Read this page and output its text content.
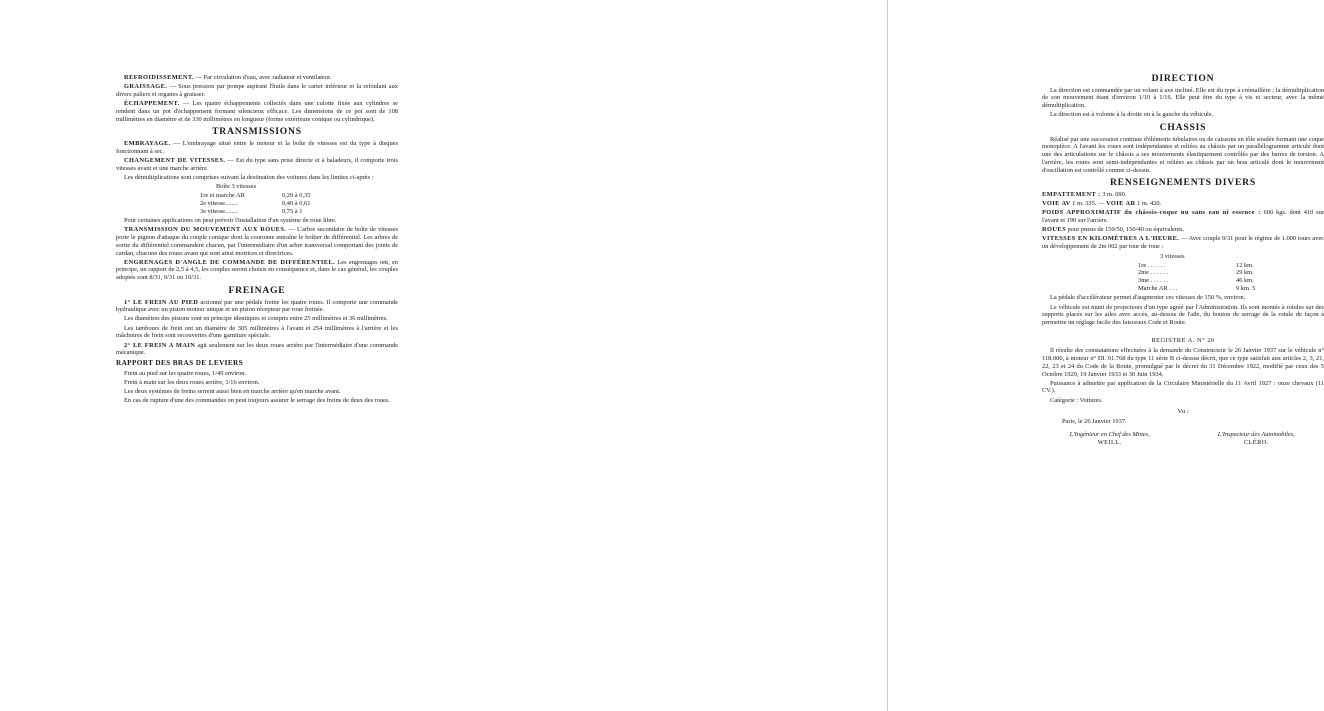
REFROIDISSEMENT. — Par circulation d'eau, avec radiateur et ventilateur.

GRAISSAGE. — Sous pression par pompe aspirant l'huile dans le carter inférieur et la refoulant aux divers paliers et organes à graisser.

ÉCHAPPEMENT. — Les quatre échappements collectés dans une culotte fixée aux cylindres se rendent dans un pot d'échappement formant silencieux efficace. Les dimensions de ce pot sont de 108 millimètres en diamètre et de 330 millimètres en longueur (forme extérieure conique ou cylindrique).

TRANSMISSIONS

EMBRAYAGE. — L'embrayage situé entre le moteur et la boîte de vitesses est du type à disques fonctionnant à sec.

CHANGEMENT DE VITESSES. — Est du type sans prise directe et à baladeurs, il comporte trois vitesses avant et une marche arrière.

Les démultiplications sont comprises suivant la destination des voitures dans les limites ci-après :

Boîte 3 vitesses

1re et marche AR	0,20 à 0,35
2e vitesse........	0,40 à 0,61
3e vitesse........	0,75 à 1

Pour certaines applications on peut prévoir l'installation d'un système de roue libre.

TRANSMISSION DU MOUVEMENT AUX ROUES. — L'arbre secondaire de boîte de vitesses porte le pignon d'attaque du couple conique dont la couronne entraîne le boîtier de différentiel. Les arbres de sortie du différentiel commandent chacun, par l'intermédiaire d'un arbre transversal comportant des joints de cardan, chacune des roues avant qui sont ainsi motrices et directrices.

ENGRENAGES D'ANGLE DE COMMANDE DE DIFFÉRENTIEL. Les engrenages ont, en principe, un rapport de 2,5 à 4,5, les couples seront choisis en conséquence et, dans le cas général, les couples adoptés sont 8/31, 9/31 ou 10/31.

FREINAGE

1° LE FREIN AU PIED actionné par une pédale freine les quatre roues. Il comporte une commande hydraulique avec un piston moteur unique et un piston récepteur par roue freinée.

Les diamètres des pistons sont en principe identiques et compris entre 25 millimètres et 36 millimètres.

Les tambours de frein ont un diamètre de 305 millimètres à l'avant et 254 millimètres à l'arrière et les mâchoires de frein sont recouvertes d'une garniture spéciale.

2° LE FREIN A MAIN agit seulement sur les deux roues arrière par l'intermédiaire d'une commande mécanique.

RAPPORT DES BRAS DE LEVIERS

Frein au pied sur les quatre roues, 1/49 environ.

Frein à main sur les deux roues arrière, 1/16 environ.

Les deux systèmes de freins serrent aussi bien en marche arrière qu'en marche avant.

En cas de rupture d'une des commandes on peut toujours assurer le serrage des freins de deux des roues.

DIRECTION

La direction est commandée par un volant à axe incliné. Elle est du type à crémaillère ; la démultiplication de son mouvement étant d'environ 1/10 à 1/16. Elle peut être du type à vis et secteur, avec la même démultiplication.

La direction est à volonte à la droite ou à la gauche du véhicule.

CHASSIS

Réalisé par une succession continue d'éléments tubulaires ou de caissons en tôle soudée formant une coque monopièce. A l'avant les roues sont indépendantes et reliées au châssis par un parallélogramme articulé dont une des articulations sur le châssis a ses mouvements élastiquement contrôlés par des barres de torsion. A l'arrière, les roues sont semi-indépendantes et reliées au châssis par un bras articulé dont le mouvement d'oscillation est contrôlé comme ci-dessus.

RENSEIGNEMENTS DIVERS

EMPATTEMENT : 3 m. 090.

VOIE AV 1 m. 335. — VOIE AR 1 m. 420.

POIDS APPROXIMATIF du châssis-coque nu sans eau ni essence : 600 kgs. dont 410 sur l'avant et 190 sur l'arrière.

ROUES pour pneus de 150/50, 150/40 ou équivalents.

VITESSES EN KILOMÈTRES A L'HEURE. — Avec couple 9/31 pour le régime de 1.000 tours avec un développement de 2m 002 par tour de roue :

3 vitesses

1re . . . . . .	12 km.
2me . . . . . .	29 km.
3me . . . . . .	46 km.
Marche AR . . .	9 km. 5

La pédale d'accélérateur permet d'augmenter ces vitesses de 150 %, environ.

Le véhicule est muni de projecteurs d'un type agréé par l'Administration. Ils sont montés à rotules sur des supports placés sur les ailes avec accès, au-dessus de l'aile, du bouton de serrage de la rotule de façon à permettre un réglage facile des faisceaux Code et Route.

REGISTRE A. N° 20

Il résulte des constatations effectuées à la demande du Constructeur le 26 Janvier 1937 sur le véhicule n° 118.000, à moteur n° DI. 01.768 du type 11 série B ci-dessus décrit, que ce type satisfait aux articles 2, 3, 21, 22, 23 et 24 du Code de la Route, promulgué par le décret du 31 Décembre 1922, modifié par ceux des 5 Octobre 1929, 19 Janvier 1933 et 30 Juin 1934.

Puissance à admettre par application de la Circulaire Ministérielle du 11 Avril 1927 : onze chevaux (11 CV.).

Catégorie : Voitures.

Vu :

Paris, le 26 Janvier 1937.

L'Ingénieur en Chef des Mines,
WEILL.
L'Inspecteur des Automobiles,
CLÉRO.
